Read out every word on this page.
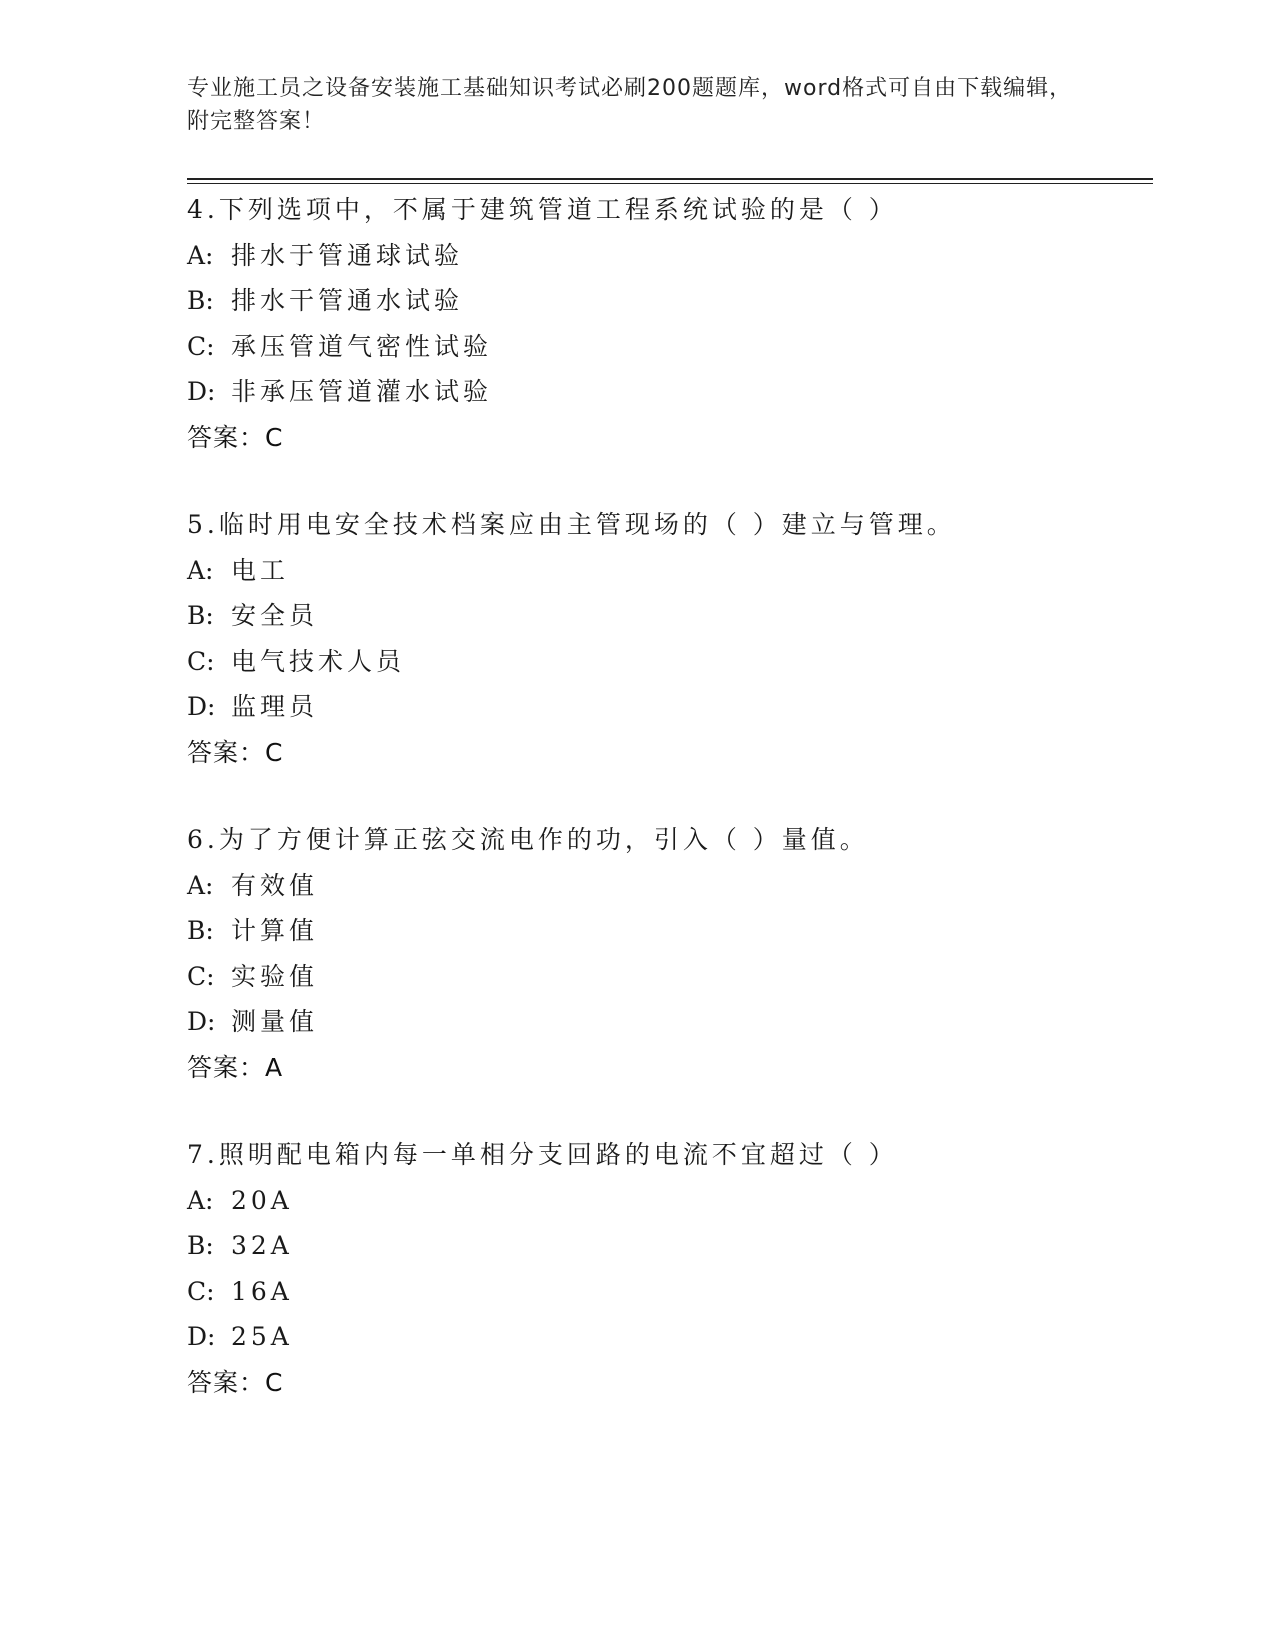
专业施工员之设备安装施工基础知识考试必刷200题题库，word格式可自由下载编辑，附完整答案！
4.下列选项中，不属于建筑管道工程系统试验的是（ ）
A: 排水于管通球试验
B: 排水干管通水试验
C: 承压管道气密性试验
D: 非承压管道灌水试验
答案：C
5.临时用电安全技术档案应由主管现场的（ ）建立与管理。
A: 电工
B: 安全员
C: 电气技术人员
D: 监理员
答案：C
6.为了方便计算正弦交流电作的功，引入（ ）量值。
A: 有效值
B: 计算值
C: 实验值
D: 测量值
答案：A
7.照明配电箱内每一单相分支回路的电流不宜超过（ ）
A: 20A
B: 32A
C: 16A
D: 25A
答案：C
